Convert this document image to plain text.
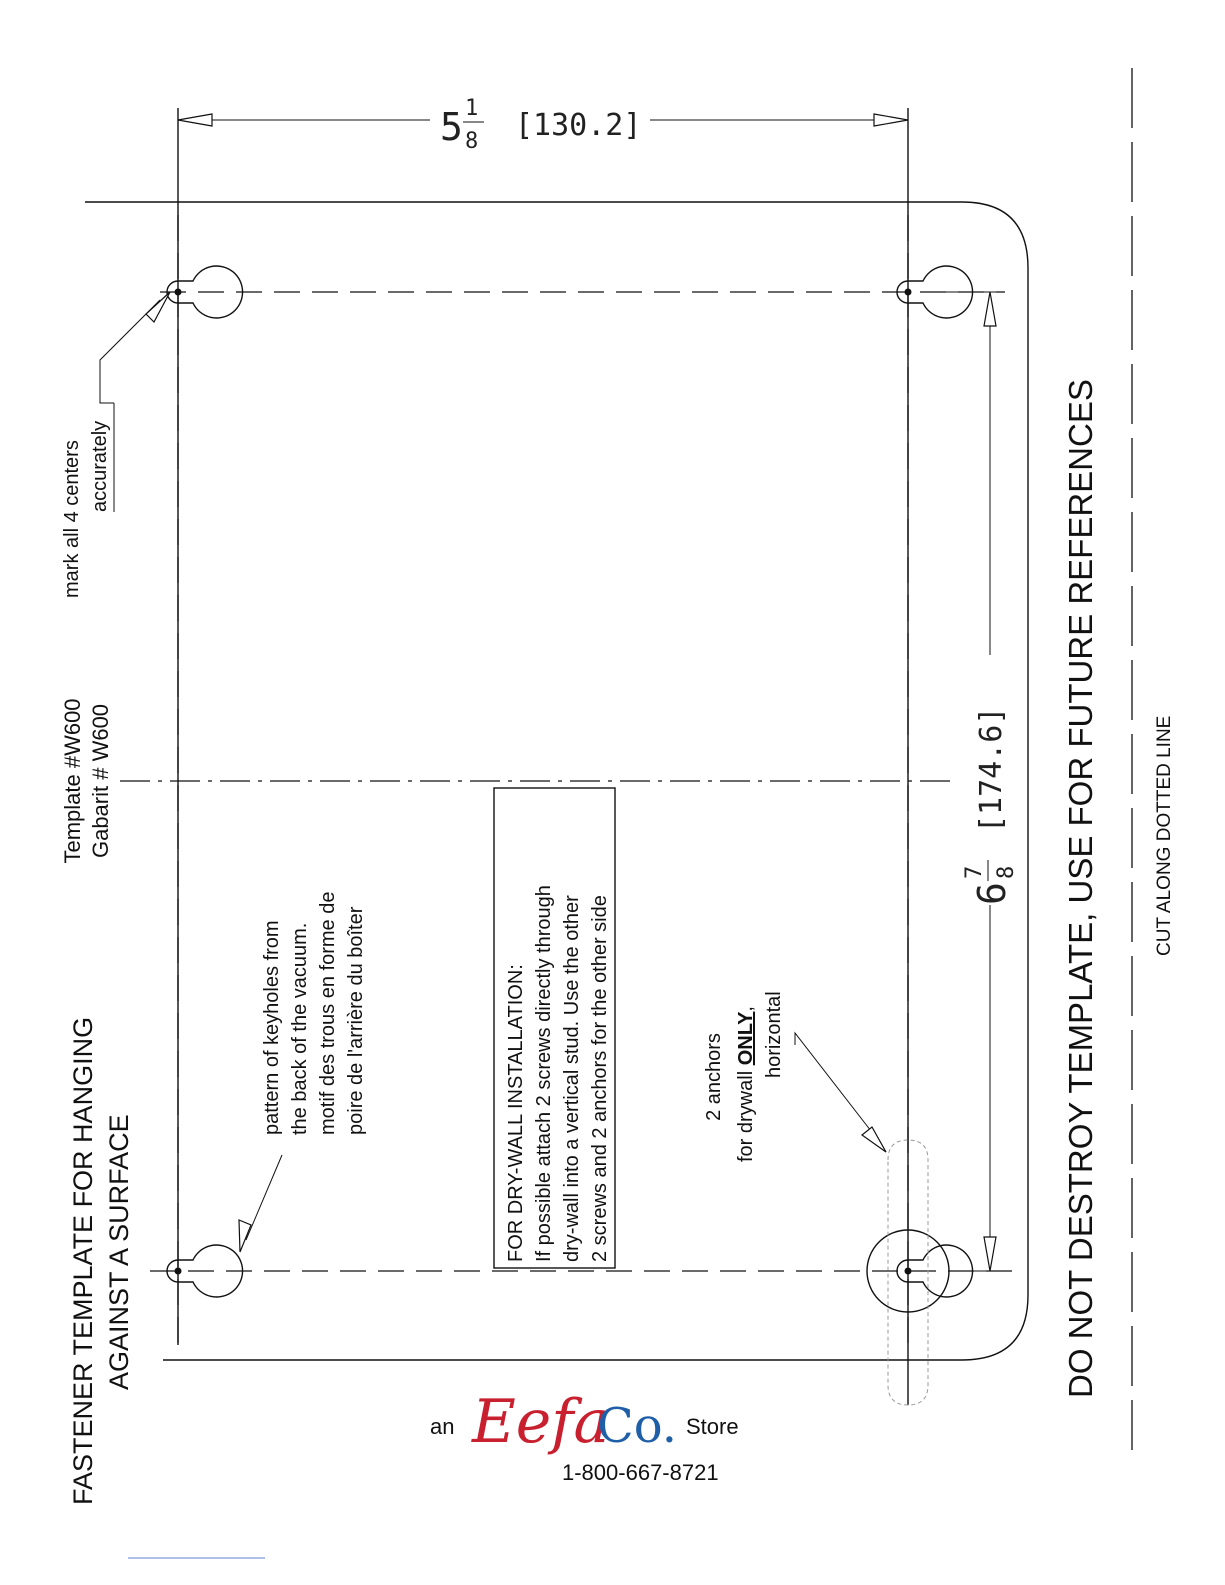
5 1
8 [130.2]
6
7 8
[174.6]
FASTENER TEMPLATE FOR HANGING AGAINST A SURFACE
Template #W600 Gabarit # W600
mark all 4 centers accurately
pattern of keyholes from the back of the vacuum. motif des trous en forme de poire de l'arrière du boîter	FOR DRY-WALL INSTALLATION: If possible attach 2 screws directly through dry-wall into a vertical stud. Use the other 2 screws and 2 anchors for the other side	2 anchors for drywall ONLY, horizontal	DO NOT DESTROY TEMPLATE, USE FOR FUTURE REFERENCES	CUT ALONG DOTTED LINE
an Eefa
Co. Store
1-800-667-8721
